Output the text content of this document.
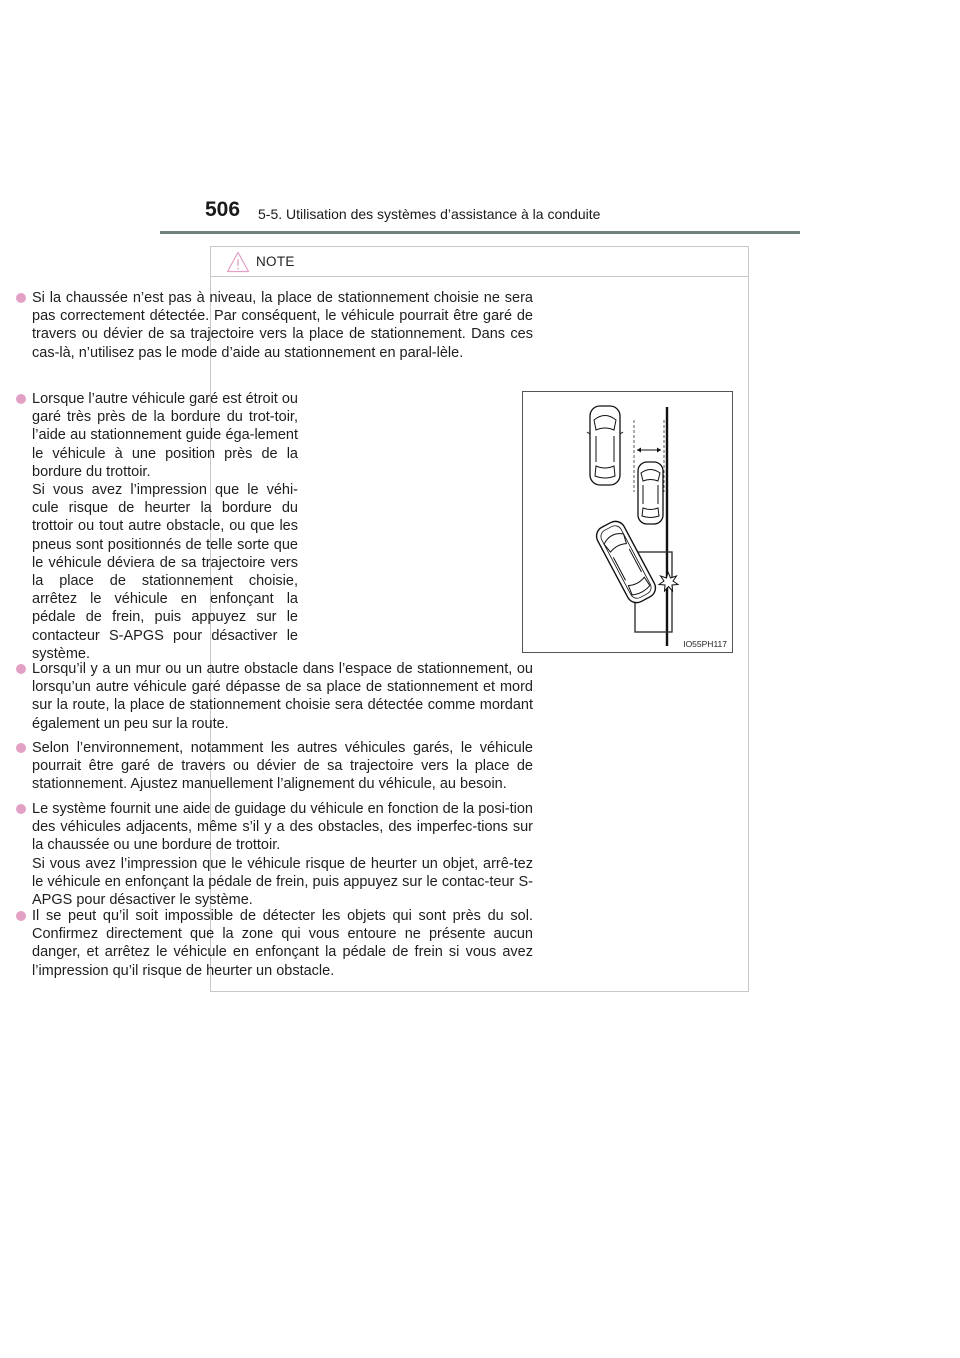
506 5-5. Utilisation des systèmes d’assistance à la conduite
NOTE

Si la chaussée n’est pas à niveau, la place de stationnement choisie ne sera pas correctement détectée. Par conséquent, le véhicule pourrait être garé de travers ou dévier de sa trajectoire vers la place de stationnement. Dans ces cas-là, n’utilisez pas le mode d’aide au stationnement en paral-lèle.

Lorsque l’autre véhicule garé est étroit ou garé très près de la bordure du trot-toir, l’aide au stationnement guide éga-lement le véhicule à une position près de la bordure du trottoir.

Si vous avez l’impression que le véhi-cule risque de heurter la bordure du trottoir ou tout autre obstacle, ou que les pneus sont positionnés de telle sorte que le véhicule déviera de sa trajectoire vers la place de stationnement choisie, arrêtez le véhicule en enfonçant la pédale de frein, puis appuyez sur le contacteur S-APGS pour désactiver le système.

IO55PH117

Lorsqu’il y a un mur ou un autre obstacle dans l’espace de stationnement, ou lorsqu’un autre véhicule garé dépasse de sa place de stationnement et mord sur la route, la place de stationnement choisie sera détectée comme mordant également un peu sur la route.

Selon l’environnement, notamment les autres véhicules garés, le véhicule pourrait être garé de travers ou dévier de sa trajectoire vers la place de stationnement. Ajustez manuellement l’alignement du véhicule, au besoin.

Le système fournit une aide de guidage du véhicule en fonction de la posi-tion des véhicules adjacents, même s’il y a des obstacles, des imperfec-tions sur la chaussée ou une bordure de trottoir.

Si vous avez l’impression que le véhicule risque de heurter un objet, arrê-tez le véhicule en enfonçant la pédale de frein, puis appuyez sur le contac-teur S-APGS pour désactiver le système.

Il se peut qu’il soit impossible de détecter les objets qui sont près du sol. Confirmez directement que la zone qui vous entoure ne présente aucun danger, et arrêtez le véhicule en enfonçant la pédale de frein si vous avez l’impression qu’il risque de heurter un obstacle.
